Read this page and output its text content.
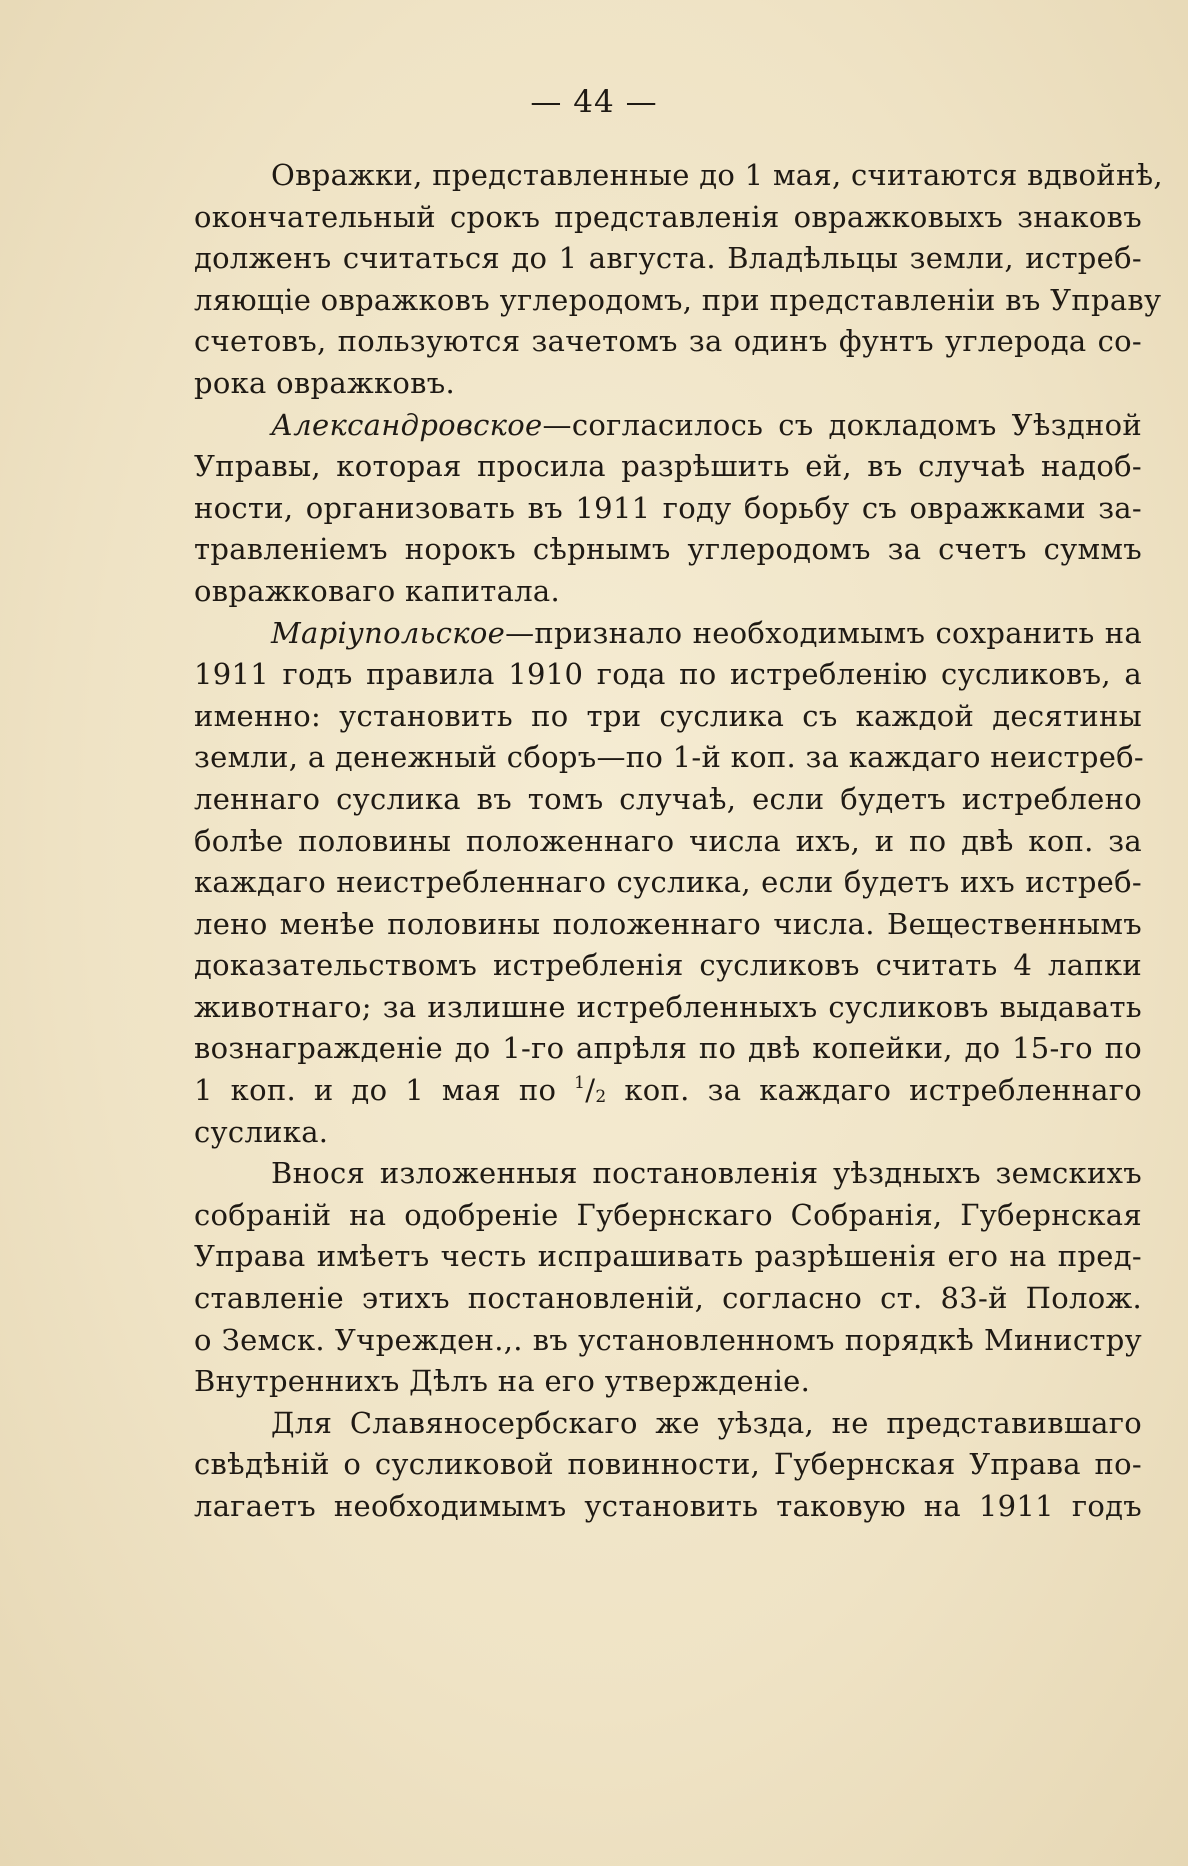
— 44 —
Овражки, представленные до 1 мая, считаются вдвойнѣ,
окончательный срокъ представленія овражковыхъ знаковъ
долженъ считаться до 1 августа. Владѣльцы земли, истреб-
ляющіе овражковъ углеродомъ, при представленіи въ Управу
счетовъ, пользуются зачетомъ за одинъ фунтъ углерода со-
рока овражковъ.
Александровское—согласилось съ докладомъ Уѣздной
Управы, которая просила разрѣшить ей, въ случаѣ надоб-
ности, организовать въ 1911 году борьбу съ овражками за-
травленіемъ норокъ сѣрнымъ углеродомъ за счетъ суммъ
овражковаго капитала.
Маріупольское—признало необходимымъ сохранить на
1911 годъ правила 1910 года по истребленію сусликовъ, а
именно: установить по три суслика съ каждой десятины
земли, а денежный сборъ—по 1-й коп. за каждаго неистреб-
леннаго суслика въ томъ случаѣ, если будетъ истреблено
болѣе половины положеннаго числа ихъ, и по двѣ коп. за
каждаго неистребленнаго суслика, если будетъ ихъ истреб-
лено менѣе половины положеннаго числа. Вещественнымъ
доказательствомъ истребленія сусликовъ считать 4 лапки
животнаго; за излишне истребленныхъ сусликовъ выдавать
вознагражденіе до 1-го апрѣля по двѣ копейки, до 15-го по
1 коп. и до 1 мая по $^1/_2$ коп. за каждаго истребленнаго
суслика.
Внося изложенныя постановленія уѣздныхъ земскихъ
собраній на одобреніе Губернскаго Собранія, Губернская
Управа имѣетъ честь испрашивать разрѣшенія его на пред-
ставленіе этихъ постановленій, согласно ст. 83-й Полож.
о Земск. Учрежден.,. въ установленномъ порядкѣ Министру
Внутреннихъ Дѣлъ на его утвержденіе.
Для Славяносербскаго же уѣзда, не представившаго
свѣдѣній о сусликовой повинности, Губернская Управа по-
лагаетъ необходимымъ установить таковую на 1911 годъ
